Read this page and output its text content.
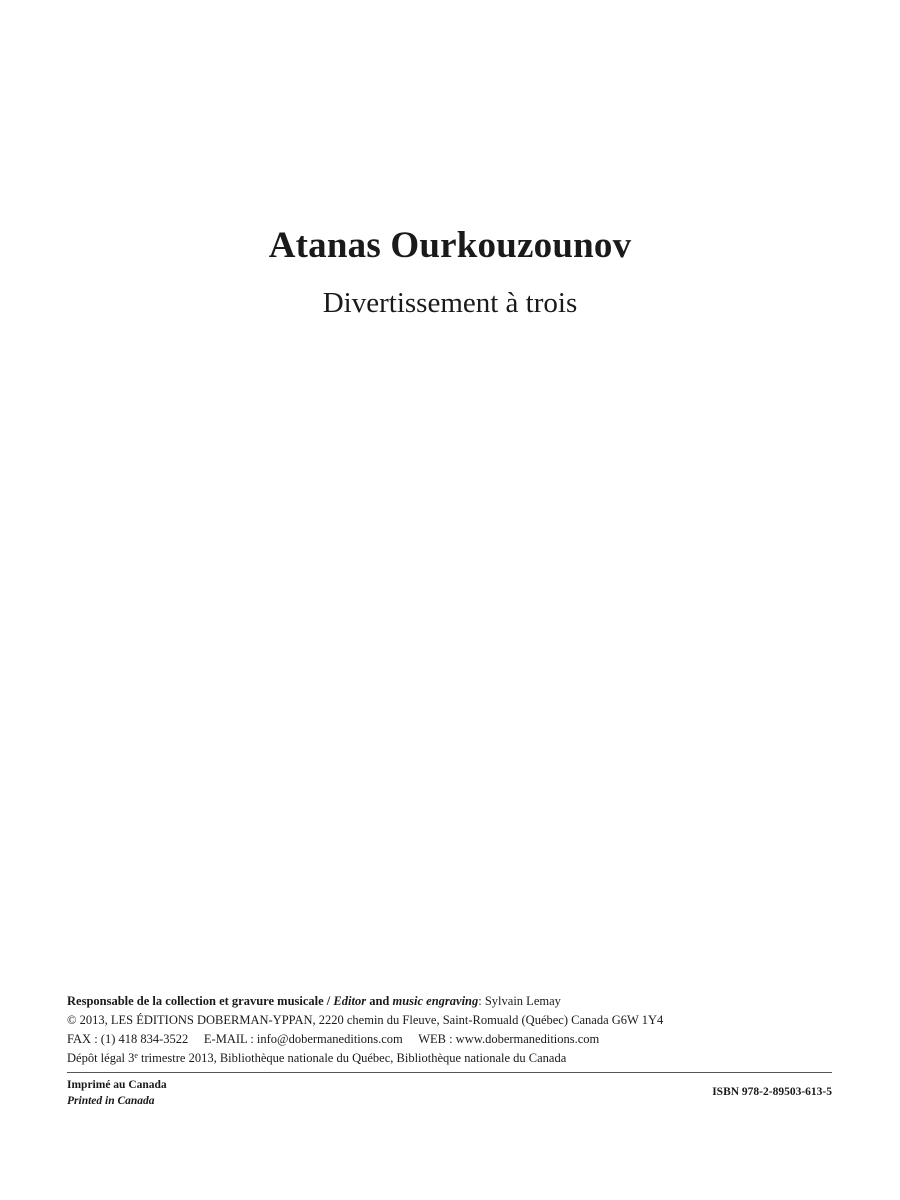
Atanas Ourkouzounov
Divertissement à trois
Responsable de la collection et gravure musicale / Editor and music engraving: Sylvain Lemay
© 2013, LES ÉDITIONS DOBERMAN-YPPAN, 2220 chemin du Fleuve, Saint-Romuald (Québec) Canada G6W 1Y4
FAX : (1) 418 834-3522 E-MAIL : info@dobermaneditions.com WEB : www.dobermaneditions.com
Dépôt légal 3e trimestre 2013, Bibliothèque nationale du Québec, Bibliothèque nationale du Canada
Imprimé au Canada
Printed in Canada
ISBN 978-2-89503-613-5
